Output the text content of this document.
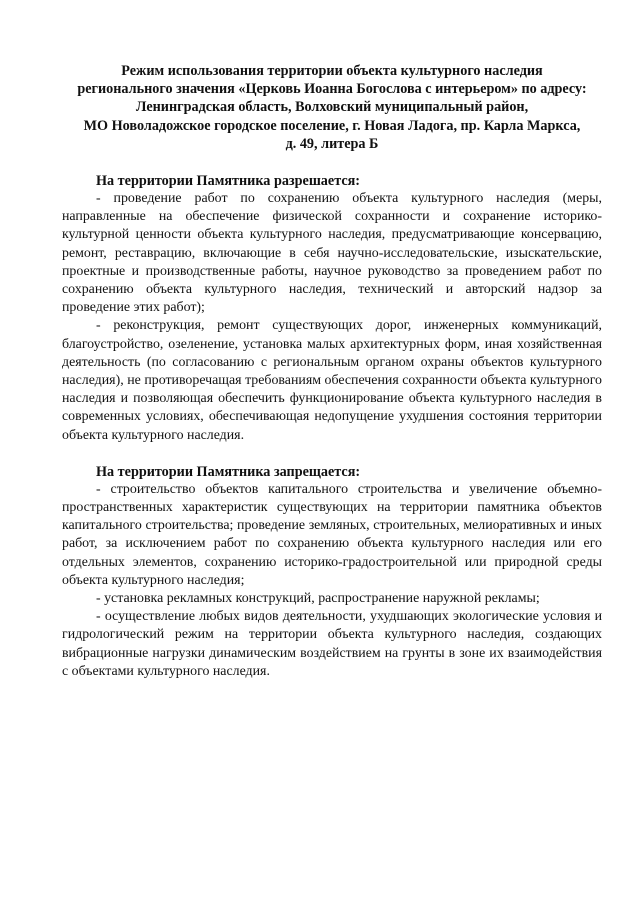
Режим использования территории объекта культурного наследия
регионального значения «Церковь Иоанна Богослова с интерьером» по адресу:
Ленинградская область, Волховский муниципальный район,
МО Новоладожское городское поселение, г. Новая Ладога, пр. Карла Маркса,
д. 49, литера Б
На территории Памятника разрешается:

- проведение работ по сохранению объекта культурного наследия (меры, направленные на обеспечение физической сохранности и сохранение историко-культурной ценности объекта культурного наследия, предусматривающие консервацию, ремонт, реставрацию, включающие в себя научно-исследовательские, изыскательские, проектные и производственные работы, научное руководство за проведением работ по сохранению объекта культурного наследия, технический и авторский надзор за проведение этих работ);

- реконструкция, ремонт существующих дорог, инженерных коммуникаций, благоустройство, озеленение, установка малых архитектурных форм, иная хозяйственная деятельность (по согласованию с региональным органом охраны объектов культурного наследия), не противоречащая требованиям обеспечения сохранности объекта культурного наследия и позволяющая обеспечить функционирование объекта культурного наследия в современных условиях, обеспечивающая недопущение ухудшения состояния территории объекта культурного наследия.

На территории Памятника запрещается:

- строительство объектов капитального строительства и увеличение объемно-пространственных характеристик существующих на территории памятника объектов капитального строительства; проведение земляных, строительных, мелиоративных и иных работ, за исключением работ по сохранению объекта культурного наследия или его отдельных элементов, сохранению историко-градостроительной или природной среды объекта культурного наследия;

- установка рекламных конструкций, распространение наружной рекламы;

- осуществление любых видов деятельности, ухудшающих экологические условия и гидрологический режим на территории объекта культурного наследия, создающих вибрационные нагрузки динамическим воздействием на грунты в зоне их взаимодействия с объектами культурного наследия.
